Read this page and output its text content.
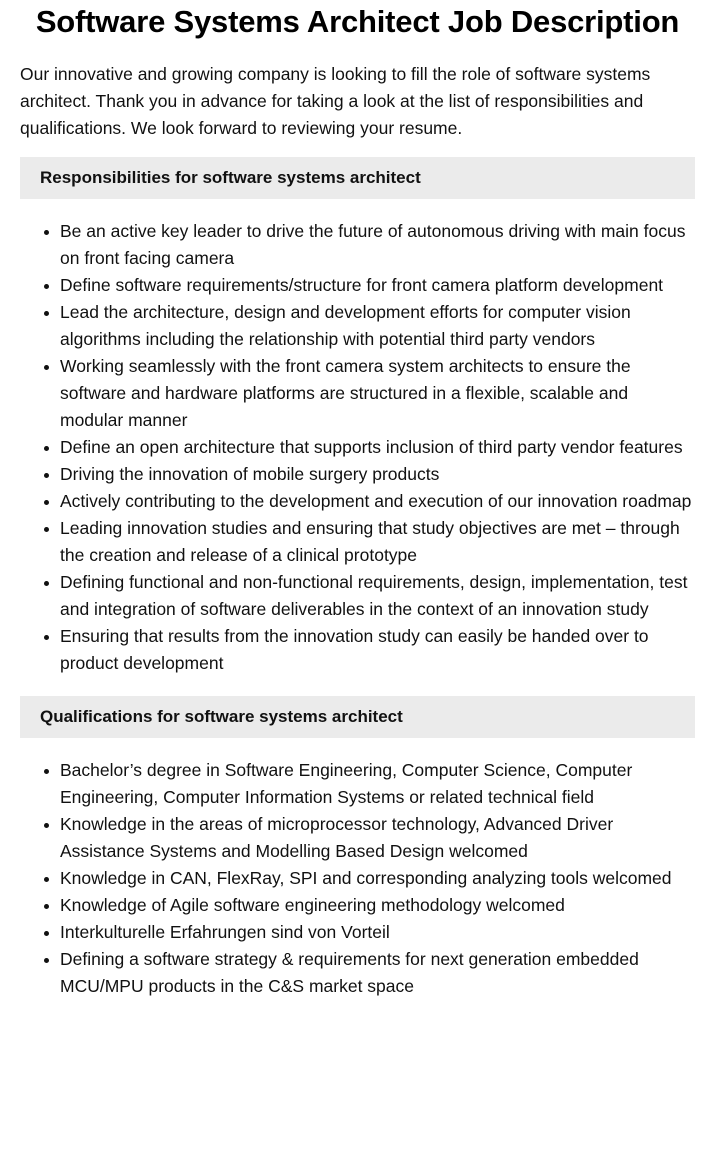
Software Systems Architect Job Description

Our innovative and growing company is looking to fill the role of software systems architect. Thank you in advance for taking a look at the list of responsibilities and qualifications. We look forward to reviewing your resume.

Responsibilities for software systems architect
Be an active key leader to drive the future of autonomous driving with main focus on front facing camera
Define software requirements/structure for front camera platform development
Lead the architecture, design and development efforts for computer vision algorithms including the relationship with potential third party vendors
Working seamlessly with the front camera system architects to ensure the software and hardware platforms are structured in a flexible, scalable and modular manner
Define an open architecture that supports inclusion of third party vendor features
Driving the innovation of mobile surgery products
Actively contributing to the development and execution of our innovation roadmap
Leading innovation studies and ensuring that study objectives are met – through the creation and release of a clinical prototype
Defining functional and non-functional requirements, design, implementation, test and integration of software deliverables in the context of an innovation study
Ensuring that results from the innovation study can easily be handed over to product development
Qualifications for software systems architect
Bachelor’s degree in Software Engineering, Computer Science, Computer Engineering, Computer Information Systems or related technical field
Knowledge in the areas of microprocessor technology, Advanced Driver Assistance Systems and Modelling Based Design welcomed
Knowledge in CAN, FlexRay, SPI and corresponding analyzing tools welcomed
Knowledge of Agile software engineering methodology welcomed
Interkulturelle Erfahrungen sind von Vorteil
Defining a software strategy & requirements for next generation embedded MCU/MPU products in the C&S market space
